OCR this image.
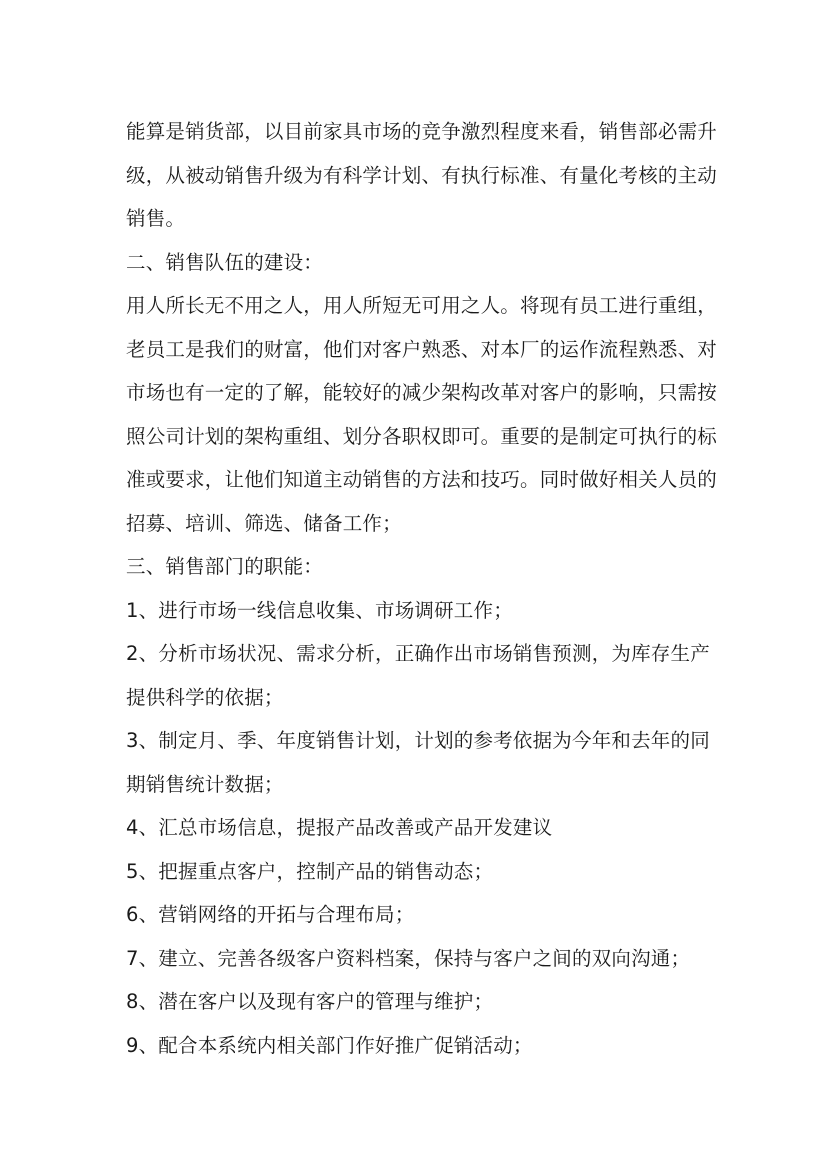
能算是销货部，以目前家具市场的竞争激烈程度来看，销售部必需升
级，从被动销售升级为有科学计划、有执行标准、有量化考核的主动
销售。
二、销售队伍的建设：
用人所长无不用之人，用人所短无可用之人。将现有员工进行重组，
老员工是我们的财富，他们对客户熟悉、对本厂的运作流程熟悉、对
市场也有一定的了解，能较好的减少架构改革对客户的影响，只需按
照公司计划的架构重组、划分各职权即可。重要的是制定可执行的标
准或要求，让他们知道主动销售的方法和技巧。同时做好相关人员的
招募、培训、筛选、储备工作；
三、销售部门的职能：
1、进行市场一线信息收集、市场调研工作；
2、分析市场状况、需求分析，正确作出市场销售预测，为库存生产
提供科学的依据；
3、制定月、季、年度销售计划，计划的参考依据为今年和去年的同
期销售统计数据；
4、汇总市场信息，提报产品改善或产品开发建议
5、把握重点客户，控制产品的销售动态；
6、营销网络的开拓与合理布局；
7、建立、完善各级客户资料档案，保持与客户之间的双向沟通；
8、潜在客户以及现有客户的管理与维护；
9、配合本系统内相关部门作好推广促销活动；
